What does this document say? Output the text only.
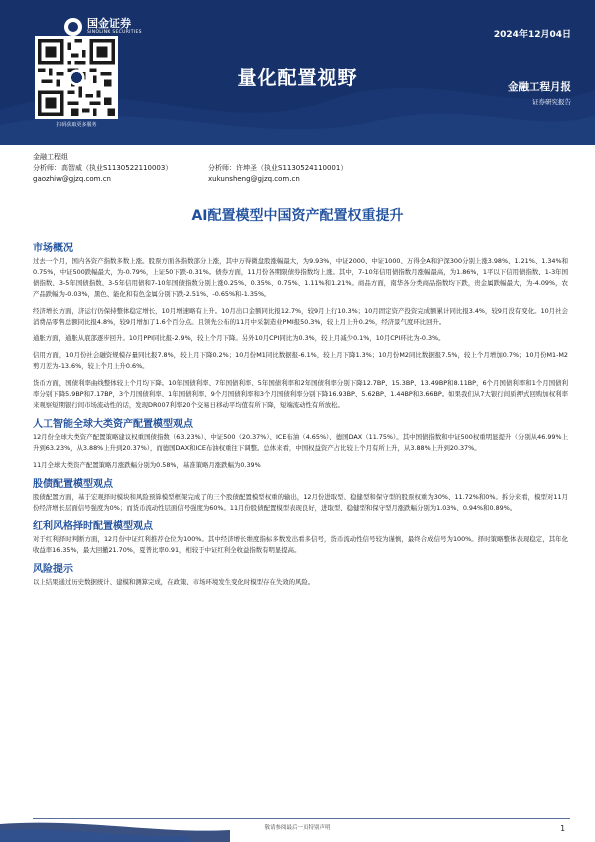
国金证券
SINOLINK SECURITIES
扫码获取更多服务
2024年12月04日
量化配置视野	金融工程月报
证券研究报告
金融工程组
分析师：高智威（执业S1130522110003）	分析师：许坤圣（执业S1130524110001）
gaozhiw@gjzq.com.cn	xukunsheng@gjzq.com.cn
AI配置模型中国资产配置权重提升
市场概况

过去一个月，国内各资产指数多数上涨。股票方面各指数部分上涨，其中万得微盘股涨幅最大，为9.93%，中证2000、中证1000、万得全A和沪深300分别上涨3.98%、1.21%、1.34%和0.75%，中证500跌幅最大，为-0.79%，上证50下跌-0.31%。债券方面，11月份各期限债券指数均上涨。其中，7-10年信用债指数月涨幅最高，为1.86%，1平以下信用债指数、1-3年国债指数、3-5年国债指数、3-5年信用债和7-10年国债指数分别上涨0.25%、0.35%、0.75%、1.11%和1.21%。商品方面，南华各分类商品指数均下跌，贵金属跌幅最大，为-4.09%，农产品跌幅为-0.03%，黑色、能化和有色金属分别下跌-2.51%、-0.65%和-1.35%。

经济增长方面，济运行仍保持整体稳定增长，10月增速略有上升。10月出口金额同比报12.7%，较9月上行10.3%；10月固定资产投资完成额累计同比报3.4%，较9月没有变化。10月社会消费品零售总额同比报4.8%，较9月增加了1.6个百分点。且领先公布的11月中采制造业PMI报50.3%，较上月上升0.2%，经济景气度环比回升。

通胀方面，通胀从底部逐步回升。10月PPI同比报-2.9%，较上个月下降。另外10月CPI同比为0.3%，较上月减少0.1%，10月CPI环比为-0.3%。

信用方面，10月份社会融资规模存量同比报7.8%，较上月下降0.2%；10月份M1同比数据报-6.1%，较上月下降1.3%；10月份M2同比数据报7.5%，较上个月增加0.7%；10月份M1-M2剪刀差为-13.6%，较上个月上升0.6%。

货币方面，国债利率曲线整体较上个月均下降。10年国债利率、7年国债利率、5年国债利率和2年国债利率分别下降12.7BP、15.3BP、13.49BP和8.11BP，6个月国债利率和1个月国债利率分别下降5.9BP和7.17BP，3个月国债利率、1年国债利率、9个月国债利率和3个月国债利率分别下降16.93BP、5.62BP、1.44BP和3.66BP。如果我们从7大银行间质押式回购加权利率来观察短期银行间市场流动性的话，发现DR007利率20个交易日移动平均值有所下降，短端流动性有所放松。

人工智能全球大类资产配置模型观点

12月份全球大类资产配置策略建议权重国债指数（63.23%）、中证500（20.37%）、ICE布油（4.65%）、德国DAX（11.75%）。其中国债指数和中证500权重明显提升（分别从46.99%上升到63.23%，从3.88%上升到20.37%），而德国DAX和ICE布油权重往下调整。总体来看，中国权益资产占比较上个月有所上升，从3.88%上升到20.37%。

11月全球大类资产配置策略月涨跌幅分别为0.58%，基准策略月涨跌幅为0.39%

股债配置模型观点

股债配置方面，基于宏观择时模块和风险预算模型框架完成了的三个股债配置模型权重的输出，12月份进取型、稳健型和保守型的股票权重为30%、11.72%和0%。拆分来看，模型对11月份经济增长层面信号强度为0%；而货币流动性层面信号强度为60%。11月份股债配置模型表现良好，进取型、稳健型和保守型月涨跌幅分别为1.03%、0.94%和0.89%。

红利风格择时配置模型观点

对于红利择时判断方面，12月份中证红利推荐仓位为100%。其中经济增长维度指标多数发出看多信号，货币流动性信号较为谨慎，最终合成信号为100%。择时策略整体表现稳定，其年化收益率16.35%，最大回撤21.70%，夏普比率0.91，相较于中证红利全收益指数有明显提高。

风险提示

以上结果通过历史数据统计、建模和测算完成，在政策、市场环境发生变化时模型存在失效的风险。

敬请参阅最后一页特别声明	1
